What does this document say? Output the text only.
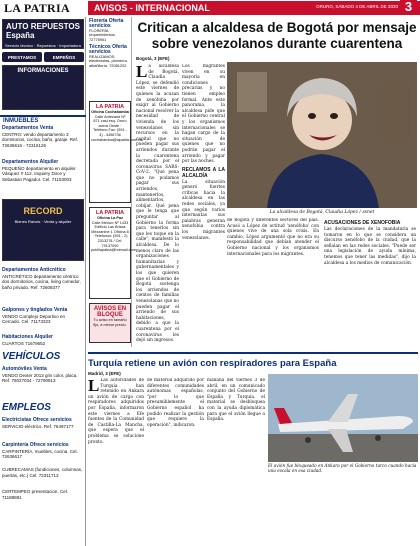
LA PATRIA	AVISOS - INTERNACIONAL	ORURO, SÁBADO 4 DE ABRIL DE 2020 3
AUTO REPUESTOS España
Servicio técnico · Repuestos · Importadora
PRESTAMOS	EMPEÑOS
INFORMACIONES
INMUEBLES
Departamentos Venta
CENTRO: vendo departamento 3 dormitorios, cocina, baño, garaje. Ref. 72636616 - 72316126
Departamentos Alquiler
PEQUEÑO departamento en alquiler. Vásquez # 112. Inquiery Doce y Sebastian Pagador. Cel. 71153003
RECORD
Bienes Raíces · Venta y alquiler
Departamentos Anticrético
ANTICRÉTICO departamento céntrico dos dormitorios, cocina, living comedor, baño privado. Ref. 72608377
Galpones y tinglados Venta
VENDO Complejo Deportivo en Cercado. Cel. 71173323
Habitaciones Alquiler
CUARTOS 71679652
VEHÍCULOS
Automóviles Venta
VENDO Dexter 2013 gris color, placa. Ref. 76027034 - 72790913
EMPLEOS
Electricistas Ofrece servicios
SERVICIO eléctrico. Ref. 76497177
Carpintería Ofrece servicios
CARPINTERÍA, muebles, cocina. Cel. 72636617
CUBRECAMAS (fundiciones, columnas, puertas, etc.) Cel. 72311713
CERTEMPEO presentacion. Cel. 71188881
Florería Oferta servicios
FLORERÍA requerimientos. 72778901
Técnicos Oferta servicios
REALIZAMOS: electricistas, plomería, albañilería. 72081202
LA PATRIA
Oficina Cochabamba
Calle Antezana Nº 871 casi esq. Oruro acera Oeste · Teléfono Fax: (591 - 4) - 4456736 cochabamba@lapatria.com.bo
LA PATRIA
Oficina La Paz
Calle Mexico Nº 1433 Edificio Las Brisas Mezzanine 1 Oficina 8 · Telefonos: (591 - 2) 2313278 / Cel. 79137090 publilapatria@hotmail.com
AVISOS EN BLOQUE
Tu aviso en tamaño fijo, a menor precio.
Critican a alcaldesa de Bogotá por mensaje sobre venezolanos durante cuarentena
Bogotá, 3 (EFE)
La alcaldesa de Bogotá, Claudia López, se defendió este viernes de quienes la acusan de xenófoba por exigir al Gobierno nacional resolver la necesidad de vivienda de los venezolanos sin recursos en la capital que no pueden pagar sus arriendos durante la cuarentena decretada por el coronavirus SARS-CoV-2. "Qué pena que no podamos pagar sus arriendos, mantenerlos, alimentarlos, cobijar. Qué pena que le tenga que preguntar al Gobierno la forma para tenerlos sin que les toque en la calle", manifestó la alcaldesa. De lo menos claro de las organizaciones humanitarias y gubernamentales y los que quieren que el Gobierno de Bogotá sostenga los arriendos de cientos de familias venezolanas que no pueden pagar el arriendo de sus habitaciones, debido a que la cuarentena por el coronavirus les dejó sin ingresos.
Los migrantes viven en su mayoría en condiciones precarias y no tienen empleo formal. Ante este panorama, la alcaldesa pide que el Gobierno central y los organismos internacionales se hagan cargo de la situación de quienes que no podrán pagar el arriendo y pagar por las noches.
RECLAMOS A LA ALCALDÍA
La situación generó fuertes críticas hacia la alcaldesa en las redes sociales, ya que según varios internautas sus palabras generan xenofobia contra los migrantes venezolanos.
La alcaldesa de Bogotá, Claudia López / ssnet
de Bogotá y diferentes sectores del país. Acusó a López de actitud 'xenófoba' con quienes vive de una sola crisis. En cambio, López argumentó que no era su responsabilidad que debían atender el Gobierno nacional y los organismos internacionales para los migrantes.
ACUSACIONES DE XENOFOBIA
Las declaraciones de la mandataria se tomaron en lo que se considera un discurso xenófobo de la ciudad, que la señalan en las redes sociales. "Puede ser una legislación de ayuda mínima, tenemos que tener las medidas", dijo la alcaldesa a los medios de comunicación.
Turquía retiene un avión con respiradores para España
Madrid, 3 (EFE)
L Las autoridades de Turquía han retenido en Ankara un avión de carga con respiradores adquiridos por España, informaron este viernes a Efe fuentes de la Comunidad de Castilla-La Mancha, que espera que el problema se solucione pronto.
de material adquirido por diferentes comunidades autónomas españolas, "por lo que presumiblemente el Gobierno español ha podido realizar la gestión que requiere la operación", indicaron.
mañana del viernes 3 de abril, en un comunicado conjunto del Gobierno de España y Turquía, el material se desbloquea con la ayuda diplomática para que el avión llegue a España.
El avión fue bloqueado en Ankara por el Gobierno turco cuando hacía una escala en esa ciudad.
